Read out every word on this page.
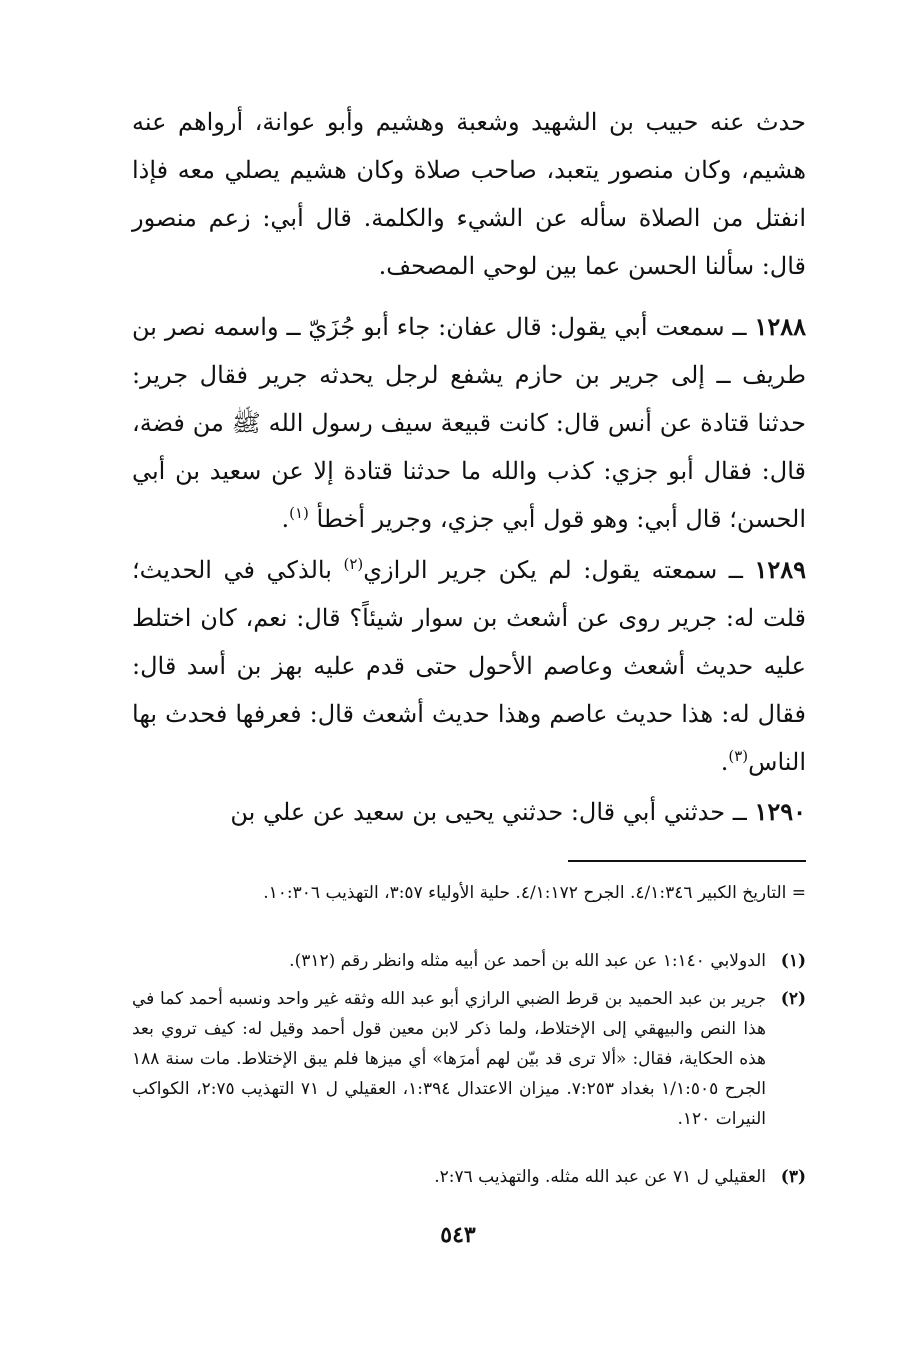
حدث عنه حبيب بن الشهيد وشعبة وهشيم وأبو عوانة، أرواهم عنه هشيم، وكان منصور يتعبد، صاحب صلاة وكان هشيم يصلي معه فإذا انفتل من الصلاة سأله عن الشيء والكلمة. قال أبي: زعم منصور قال: سألنا الحسن عما بين لوحي المصحف.

١٢٨٨ ــ سمعت أبي يقول: قال عفان: جاء أبو جُزَيّ ــ واسمه نصر بن طريف ــ إلى جرير بن حازم يشفع لرجل يحدثه جرير فقال جرير: حدثنا قتادة عن أنس قال: كانت قبيعة سيف رسول الله ﷺ من فضة، قال: فقال أبو جزي: كذب والله ما حدثنا قتادة إلا عن سعيد بن أبي الحسن؛ قال أبي: وهو قول أبي جزي، وجرير أخطأ $^{(١)}$.

١٢٨٩ ــ سمعته يقول: لم يكن جرير الرازي$^{(٢)}$ بالذكي في الحديث؛ قلت له: جرير روى عن أشعث بن سوار شيئاً؟ قال: نعم، كان اختلط عليه حديث أشعث وعاصم الأحول حتى قدم عليه بهز بن أسد قال: فقال له: هذا حديث عاصم وهذا حديث أشعث قال: فعرفها فحدث بها الناس$^{(٣)}$.

١٢٩٠ ــ حدثني أبي قال: حدثني يحيى بن سعيد عن علي بن

= التاريخ الكبير ٤/١:٣٤٦. الجرح ٤/١:١٧٢. حلية الأولياء ٣:٥٧، التهذيب ١٠:٣٠٦.

(١)
الدولابي ١:١٤٠ عن عبد الله بن أحمد عن أبيه مثله وانظر رقم (٣١٢).
(٢)
جرير بن عبد الحميد بن قرط الضبي الرازي أبو عبد الله وثقه غير واحد ونسبه أحمد كما في هذا النص والبيهقي إلى الإختلاط، ولما ذكر لابن معين قول أحمد وقيل له: كيف تروي بعد هذه الحكاية، فقال: «ألا ترى قد بيّن لهم أمرَها» أي ميزها فلم يبق الإختلاط. مات سنة ١٨٨ الجرح ١/١:٥٠٥ بغداد ٧:٢٥٣. ميزان الاعتدال ١:٣٩٤، العقيلي ل ٧١ التهذيب ٢:٧٥، الكواكب النيرات ١٢٠.
(٣)
العقيلي ل ٧١ عن عبد الله مثله. والتهذيب ٢:٧٦.
٥٤٣
